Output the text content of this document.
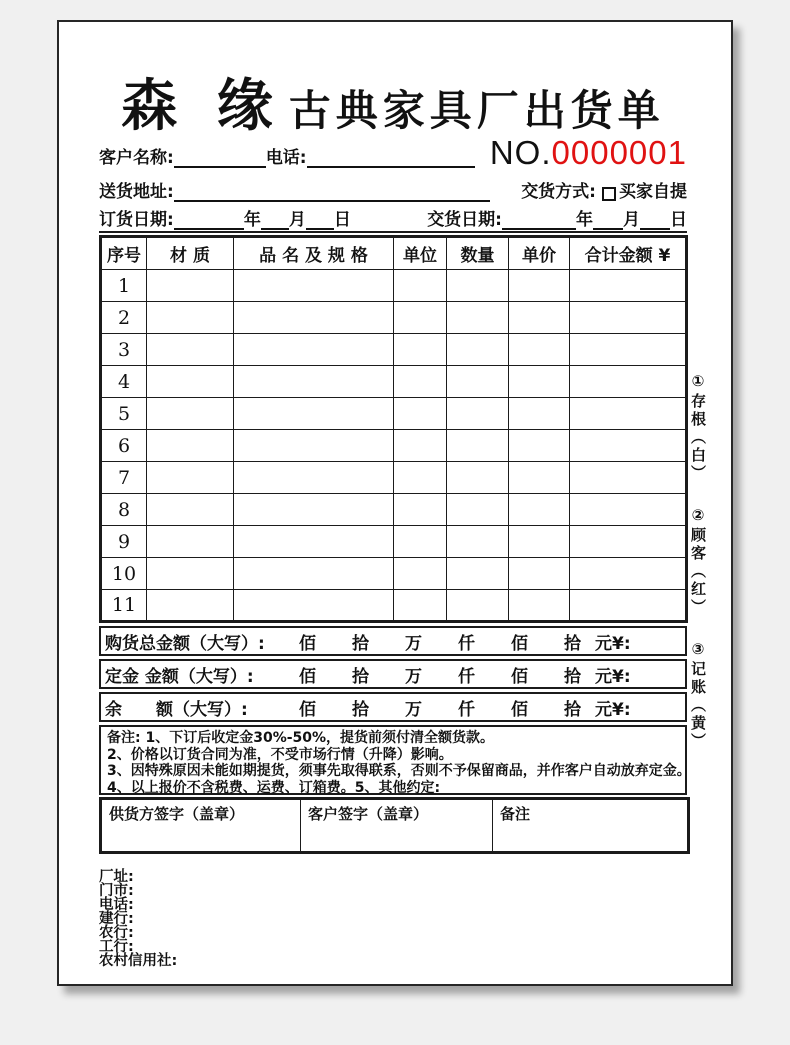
森 缘 古典家具厂出货单
客户名称:	电话:	NO.0000001
送货地址:	交货方式: 买家自提
订货日期:	年 月 日	交货日期:	年 月 日
序号	材 质	品 名 及 规 格	单位	数量	单价	合计金额 ¥
1						
2						
3						
4						
5						
6						
7						
8						
9						
10						
11						
购货总金额（大写）:	佰 拾 万 仟 佰 拾 元¥:
定金 金额（大写）:	佰 拾 万 仟 佰 拾 元¥:
余　　额（大写）:	佰 拾 万 仟 佰 拾 元¥:
备注: 1、下订后收定金30%-50%，提货前须付清全额货款。
2、价格以订货合同为准，不受市场行情（升降）影响。
3、因特殊原因未能如期提货，须事先取得联系，否则不予保留商品，并作客户自动放弃定金。
4、以上报价不含税费、运费、订箱费。5、其他约定:
供货方签字（盖章）	客户签字（盖章）	备注
厂址:
门市:
电话:
建行:
农行:
工行:
农村信用社:
①存根（白）
②顾客（红）
③记账（黄）
